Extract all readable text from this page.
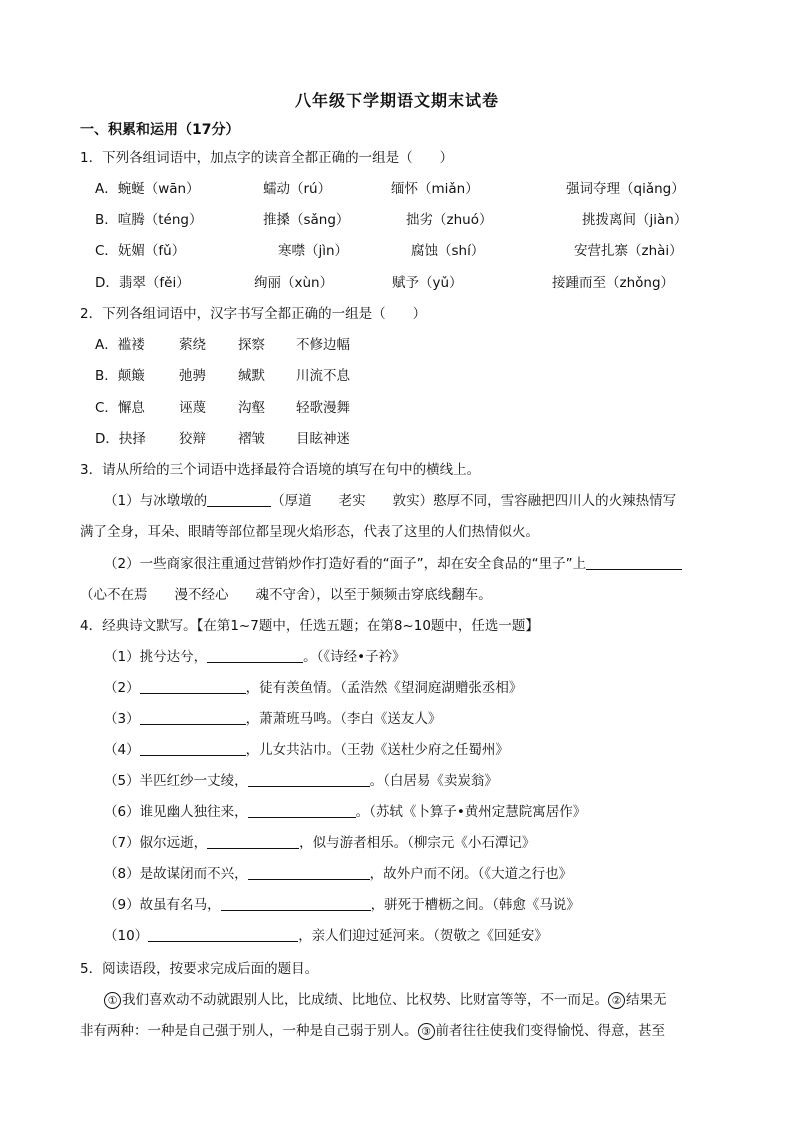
八年级下学期语文期末试卷
一、积累和运用（17分）
1．下列各组词语中，加点字的读音全都正确的一组是（　　）
A．蜿蜒（wān）	蠕动（rú）	缅怀（miǎn）	强词夺理（qiǎng）
B．喧腾（téng）	推搡（sǎng）	拙劣（zhuó）	挑拨离间（jiàn）
C．妩媚（fǔ）	寒噤（jìn）	腐蚀（shí）	安营扎寨（zhài）
D．翡翠（fěi）	绚丽（xùn）	赋予（yǔ）	接踵而至（zhǒng）
2．下列各组词语中，汉字书写全都正确的一组是（　　）
A．褴褛	萦绕 探察 不修边幅
B．颠簸	弛骋 缄默 川流不息
C．懈息	诬蔑 沟壑 轻歌漫舞
D．抉择 狡辩 褶皱 目眩神迷
3．请从所给的三个词语中选择最符合语境的填写在句中的横线上。
（1）与冰墩墩的	（厚道　　老实　　敦实）憨厚不同，雪容融把四川人的火辣热情写
满了全身，耳朵、眼睛等部位都呈现火焰形态，代表了这里的人们热情似火。
（2）一些商家很注重通过营销炒作打造好看的“面子”，却在安全食品的“里子”上
（心不在焉　　漫不经心　　魂不守舍），以至于频频击穿底线翻车。
4．经典诗文默写。【在第1~7题中，任选五题；在第8~10题中，任选一题】
（1）挑兮达兮，	。（《诗经•子衿》
（2）	，徒有羡鱼情。（孟浩然《望洞庭湖赠张丞相》
（3）	，萧萧班马鸣。（李白《送友人》
（4）	，儿女共沾巾。（王勃《送杜少府之任蜀州》
（5）半匹红纱一丈绫，	。（白居易《卖炭翁》
（6）谁见幽人独往来，	。（苏轼《卜算子•黄州定慧院寓居作》
（7）俶尔远逝，	，似与游者相乐。（柳宗元《小石潭记》
（8）是故谋闭而不兴，	，故外户而不闭。（《大道之行也》
（9）故虽有名马，	，骈死于槽枥之间。（韩愈《马说》
（10）	，亲人们迎过延河来。（贺敬之《回延安》
5．阅读语段，按要求完成后面的题目。
① 我们喜欢动不动就跟别人比，比成绩、比地位、比权势、比财富等等，不一而足。 ② 结果无
非有两种：一种是自己强于别人，一种是自己弱于别人。 ③ 前者往往使我们变得愉悦、得意，甚至
